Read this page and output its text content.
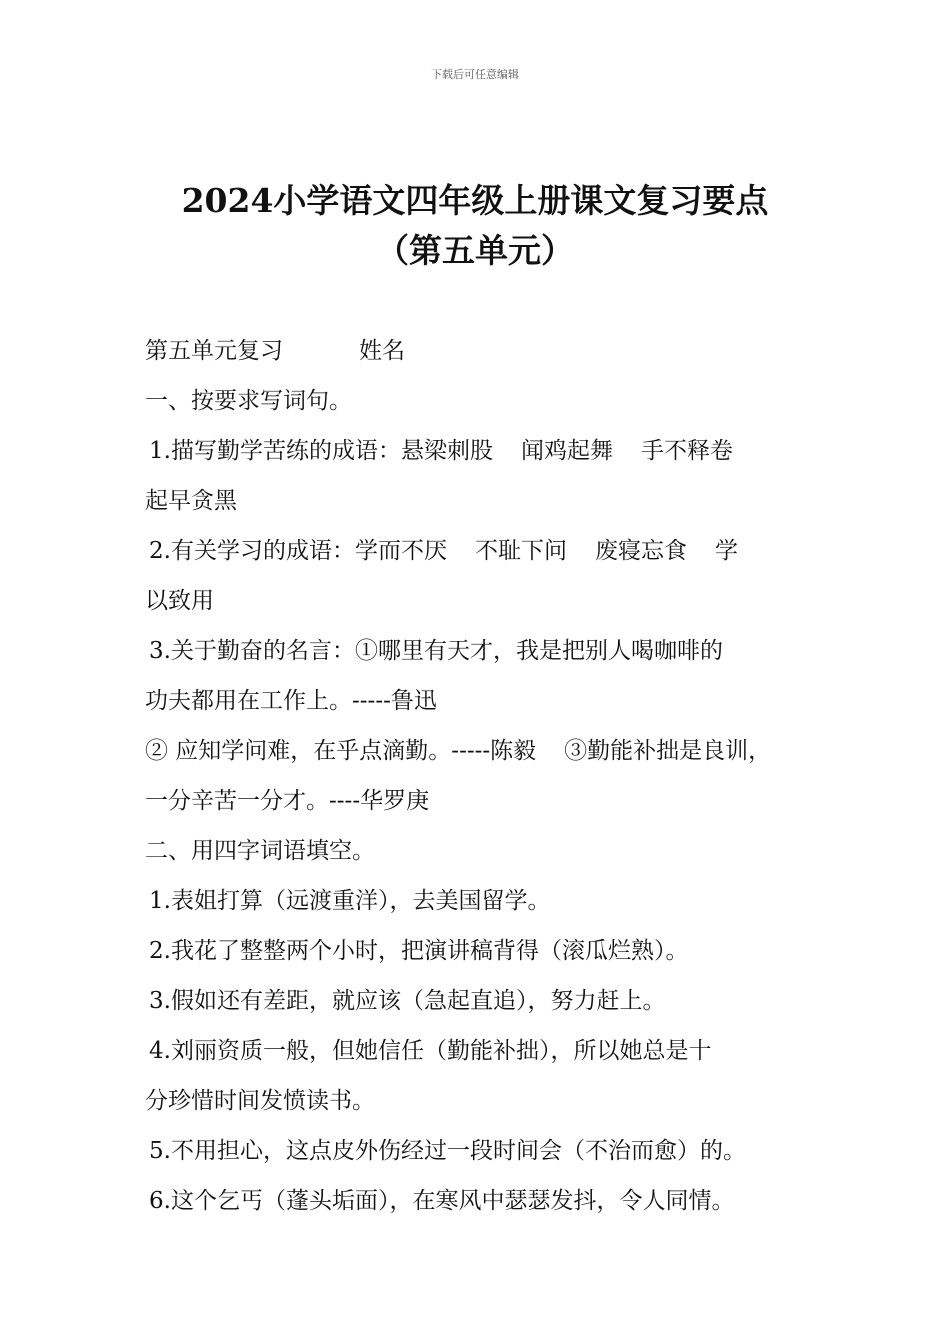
下载后可任意编辑
2024小学语文四年级上册课文复习要点
（第五单元）
第五单元复习	姓名
一、按要求写词句。
1.描写勤学苦练的成语：悬梁刺股 闻鸡起舞 手不释卷
起早贪黑
2.有关学习的成语：学而不厌 不耻下问 废寝忘食 学
以致用
3.关于勤奋的名言：①哪里有天才，我是把别人喝咖啡的
功夫都用在工作上。-----鲁迅
② 应知学问难，在乎点滴勤。-----陈毅 ③勤能补拙是良训，
一分辛苦一分才。----华罗庚
二、用四字词语填空。
1.表姐打算（远渡重洋），去美国留学。
2.我花了整整两个小时，把演讲稿背得（滚瓜烂熟）。
3.假如还有差距，就应该（急起直追），努力赶上。
4.刘丽资质一般，但她信任（勤能补拙），所以她总是十
分珍惜时间发愤读书。
5.不用担心，这点皮外伤经过一段时间会（不治而愈）的。
6.这个乞丐（蓬头垢面），在寒风中瑟瑟发抖，令人同情。
